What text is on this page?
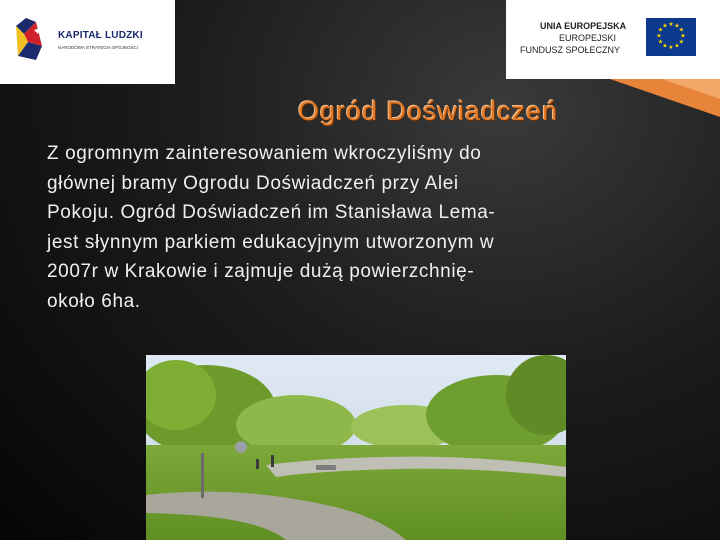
KAPITAŁ LUDZKI
NARODOWA STRATEGIA SPÓJNOŚCI
★ ★
★
★
★
★
★
★
★
★
★
★
UNIA EUROPEJSKA
EUROPEJSKI
FUNDUSZ SPOŁECZNY
Ogród Doświadczeń

Z ogromnym zainteresowaniem wkroczyliśmy do głównej bramy Ogrodu Doświadczeń przy Alei Pokoju. Ogród Doświadczeń im Stanisława Lema- jest słynnym parkiem edukacyjnym utworzonym w 2007r w Krakowie i zajmuje dużą powierzchnię- około 6ha.
